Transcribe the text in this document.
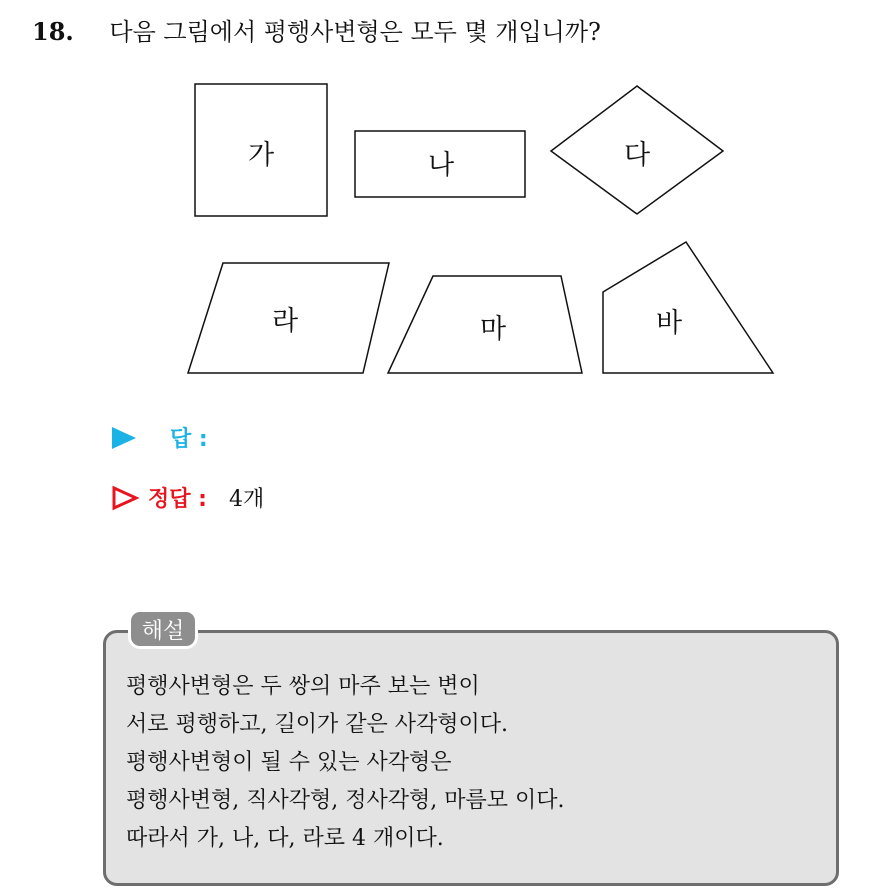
18. 다음 그림에서 평행사변형은 모두 몇 개입니까?
가	나	다
라	마	바
답 :
정답 : 4개
해설
평행사변형은 두 쌍의 마주 보는 변이
서로 평행하고, 길이가 같은 사각형이다.
평행사변형이 될 수 있는 사각형은
평행사변형, 직사각형, 정사각형, 마름모 이다.
따라서 가, 나, 다, 라로 4 개이다.
